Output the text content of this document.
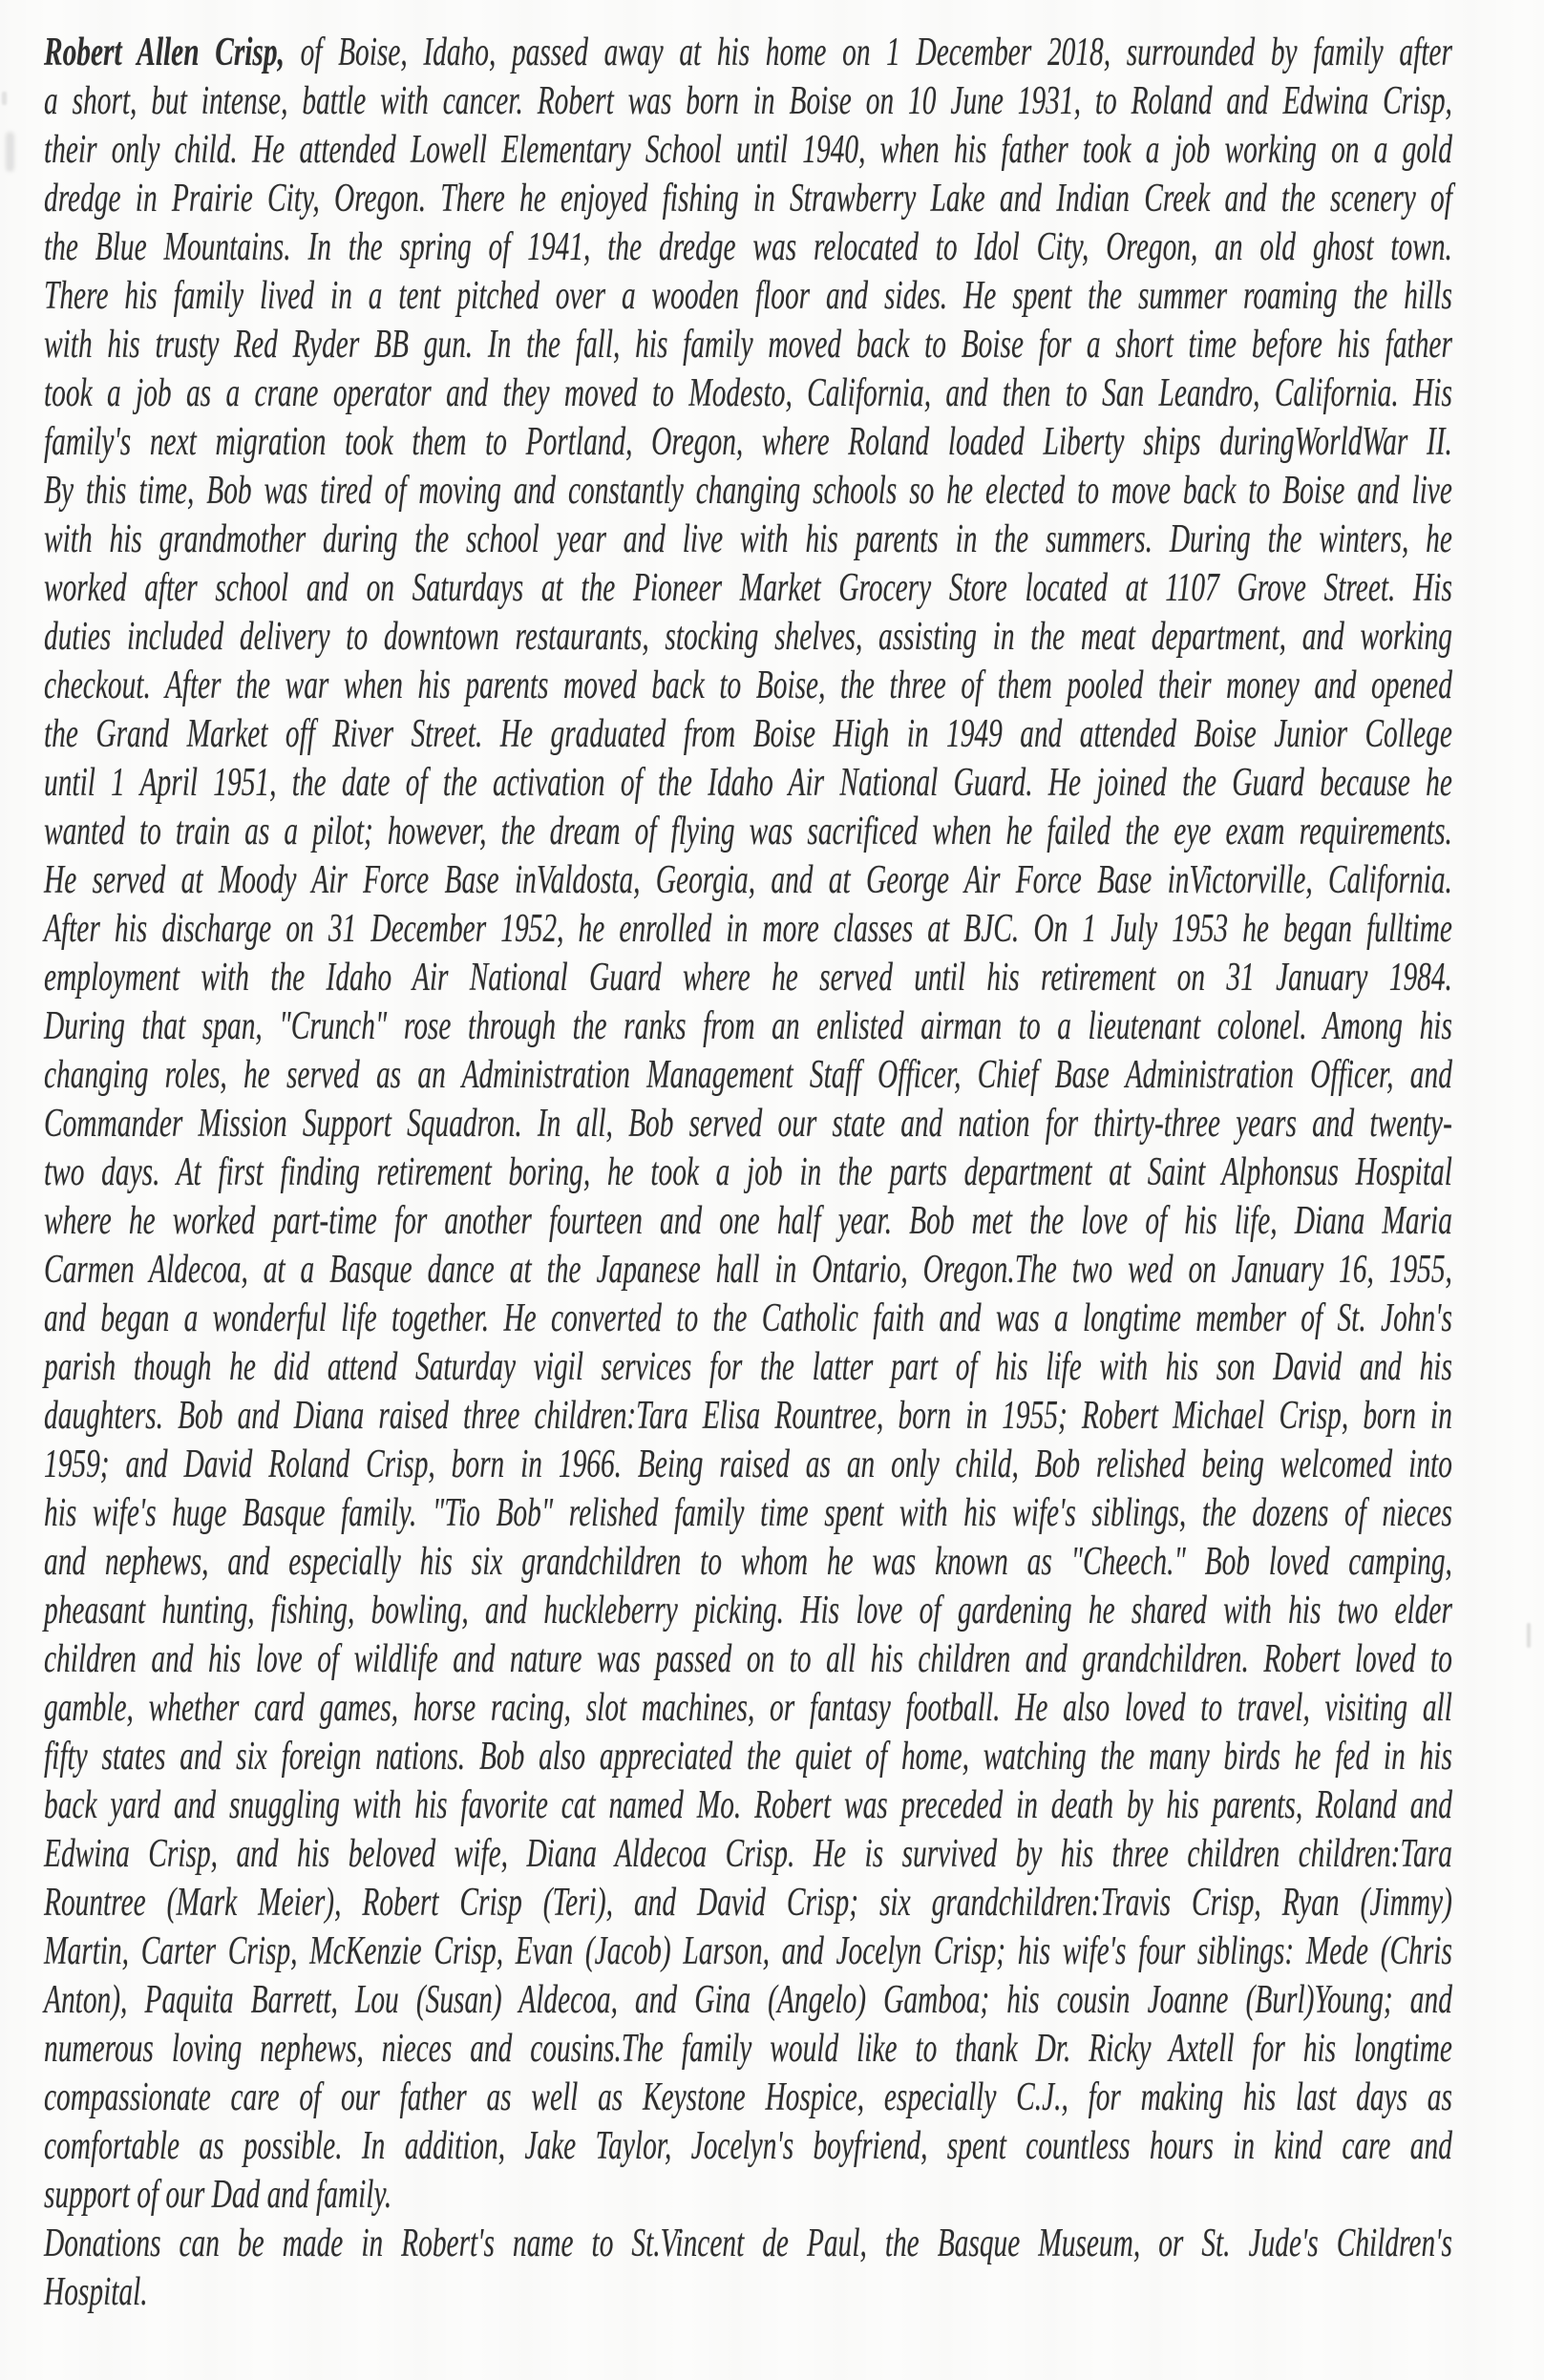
Robert Allen Crisp, of Boise, Idaho, passed away at his home on 1 December 2018, surrounded by family after
a short, but intense, battle with cancer. Robert was born in Boise on 10 June 1931, to Roland and Edwina Crisp,
their only child. He attended Lowell Elementary School until 1940, when his father took a job working on a gold
dredge in Prairie City, Oregon. There he enjoyed fishing in Strawberry Lake and Indian Creek and the scenery of
the Blue Mountains. In the spring of 1941, the dredge was relocated to Idol City, Oregon, an old ghost town.
There his family lived in a tent pitched over a wooden floor and sides. He spent the summer roaming the hills
with his trusty Red Ryder BB gun. In the fall, his family moved back to Boise for a short time before his father
took a job as a crane operator and they moved to Modesto, California, and then to San Leandro, California. His
family's next migration took them to Portland, Oregon, where Roland loaded Liberty ships duringWorldWar II.
By this time, Bob was tired of moving and constantly changing schools so he elected to move back to Boise and live
with his grandmother during the school year and live with his parents in the summers. During the winters, he
worked after school and on Saturdays at the Pioneer Market Grocery Store located at 1107 Grove Street. His
duties included delivery to downtown restaurants, stocking shelves, assisting in the meat department, and working
checkout. After the war when his parents moved back to Boise, the three of them pooled their money and opened
the Grand Market off River Street. He graduated from Boise High in 1949 and attended Boise Junior College
until 1 April 1951, the date of the activation of the Idaho Air National Guard. He joined the Guard because he
wanted to train as a pilot; however, the dream of flying was sacrificed when he failed the eye exam requirements.
He served at Moody Air Force Base inValdosta, Georgia, and at George Air Force Base inVictorville, California.
After his discharge on 31 December 1952, he enrolled in more classes at BJC. On 1 July 1953 he began fulltime
employment with the Idaho Air National Guard where he served until his retirement on 31 January 1984.
During that span, "Crunch" rose through the ranks from an enlisted airman to a lieutenant colonel. Among his
changing roles, he served as an Administration Management Staff Officer, Chief Base Administration Officer, and
Commander Mission Support Squadron. In all, Bob served our state and nation for thirty-three years and twenty-
two days. At first finding retirement boring, he took a job in the parts department at Saint Alphonsus Hospital
where he worked part-time for another fourteen and one half year. Bob met the love of his life, Diana Maria
Carmen Aldecoa, at a Basque dance at the Japanese hall in Ontario, Oregon.The two wed on January 16, 1955,
and began a wonderful life together. He converted to the Catholic faith and was a longtime member of St. John's
parish though he did attend Saturday vigil services for the latter part of his life with his son David and his
daughters. Bob and Diana raised three children:Tara Elisa Rountree, born in 1955; Robert Michael Crisp, born in
1959; and David Roland Crisp, born in 1966. Being raised as an only child, Bob relished being welcomed into
his wife's huge Basque family. "Tio Bob" relished family time spent with his wife's siblings, the dozens of nieces
and nephews, and especially his six grandchildren to whom he was known as "Cheech." Bob loved camping,
pheasant hunting, fishing, bowling, and huckleberry picking. His love of gardening he shared with his two elder
children and his love of wildlife and nature was passed on to all his children and grandchildren. Robert loved to
gamble, whether card games, horse racing, slot machines, or fantasy football. He also loved to travel, visiting all
fifty states and six foreign nations. Bob also appreciated the quiet of home, watching the many birds he fed in his
back yard and snuggling with his favorite cat named Mo. Robert was preceded in death by his parents, Roland and
Edwina Crisp, and his beloved wife, Diana Aldecoa Crisp. He is survived by his three children children:Tara
Rountree (Mark Meier), Robert Crisp (Teri), and David Crisp; six grandchildren:Travis Crisp, Ryan (Jimmy)
Martin, Carter Crisp, McKenzie Crisp, Evan (Jacob) Larson, and Jocelyn Crisp; his wife's four siblings: Mede (Chris
Anton), Paquita Barrett, Lou (Susan) Aldecoa, and Gina (Angelo) Gamboa; his cousin Joanne (Burl)Young; and
numerous loving nephews, nieces and cousins.The family would like to thank Dr. Ricky Axtell for his longtime
compassionate care of our father as well as Keystone Hospice, especially C.J., for making his last days as
comfortable as possible. In addition, Jake Taylor, Jocelyn's boyfriend, spent countless hours in kind care and
support of our Dad and family.
Donations can be made in Robert's name to St.Vincent de Paul, the Basque Museum, or St. Jude's Children's
Hospital.
